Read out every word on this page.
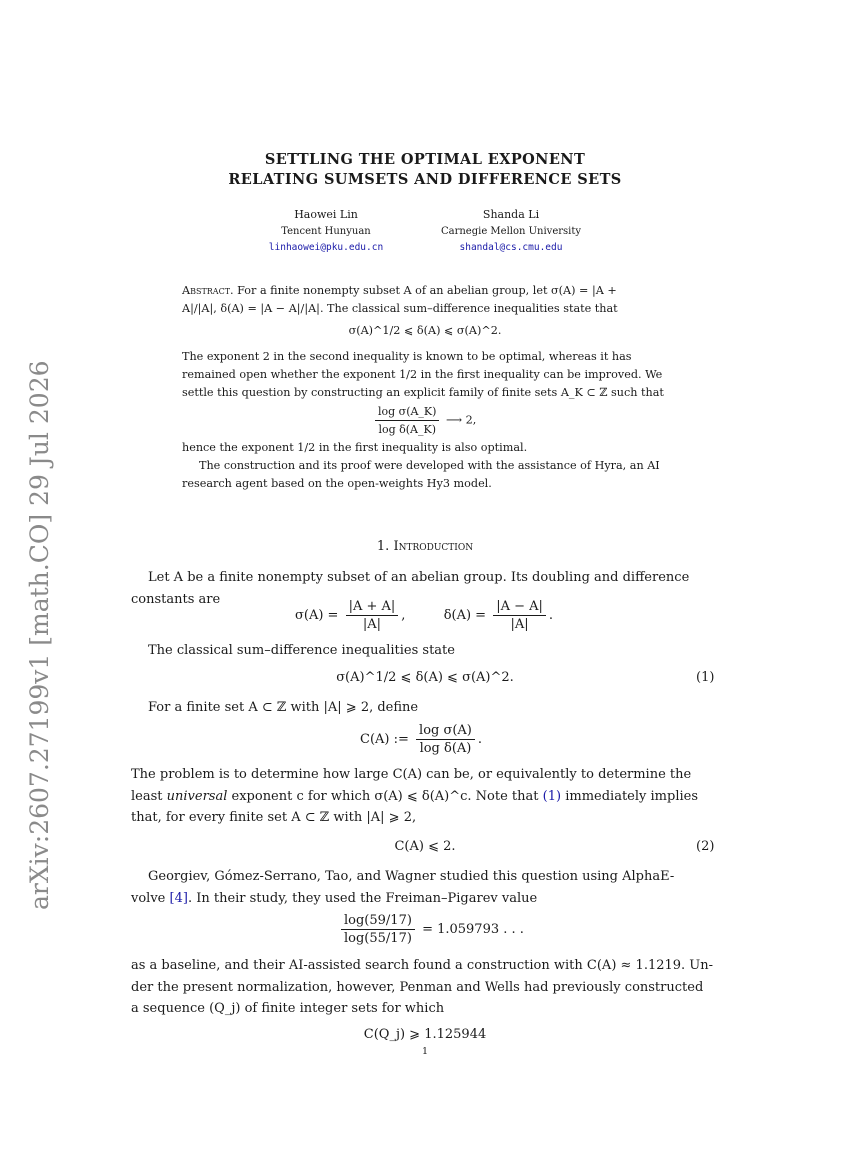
arXiv:2607.27199v1 [math.CO] 29 Jul 2026
SETTLING THE OPTIMAL EXPONENT
RELATING SUMSETS AND DIFFERENCE SETS
Haowei Lin
Tencent Hunyuan
linhaowei@pku.edu.cn
Shanda Li
Carnegie Mellon University
shandal@cs.cmu.edu
Abstract. For a finite nonempty subset A of an abelian group, let σ(A) = |A +
A|/|A|, δ(A) = |A − A|/|A|. The classical sum–difference inequalities state that
σ(A)^1/2 ⩽ δ(A) ⩽ σ(A)^2.
The exponent 2 in the second inequality is known to be optimal, whereas it has
remained open whether the exponent 1/2 in the first inequality can be improved. We
settle this question by constructing an explicit family of finite sets A_K ⊂ ℤ such that
$\frac{\text{log σ(A\_K)}}{\text{log δ(A\_K)}}$ ⟶ 2,
hence the exponent 1/2 in the first inequality is also optimal.
The construction and its proof were developed with the assistance of Hyra, an AI
research agent based on the open-weights Hy3 model.
1. Introduction
Let A be a finite nonempty subset of an abelian group. Its doubling and difference
constants are
$\sigma(A) = \frac{|A + A|}{|A|}$ ,	$\delta(A) = \frac{|A - A|}{|A|}$ .
The classical sum–difference inequalities state
σ(A)^1/2 ⩽ δ(A) ⩽ σ(A)^2.	(1)
For a finite set A ⊂ ℤ with |A| ⩾ 2, define
C(A) := $\frac{\text{log σ(A)}}{\text{log δ(A)}}$ .
The problem is to determine how large C(A) can be, or equivalently to determine the
least universal exponent c for which σ(A) ⩽ δ(A)^c. Note that (1) immediately implies
that, for every finite set A ⊂ ℤ with |A| ⩾ 2,
C(A) ⩽ 2.	(2)
Georgiev, Gómez-Serrano, Tao, and Wagner studied this question using AlphaE-
volve [4]. In their study, they used the Freiman–Pigarev value
$\frac{\log(59/17)}{\log(55/17)} = 1.059793$ . . .
as a baseline, and their AI-assisted search found a construction with C(A) ≈ 1.1219. Un-
der the present normalization, however, Penman and Wells had previously constructed
a sequence (Q_j) of finite integer sets for which
C(Q_j) ⩾ 1.125944
1
